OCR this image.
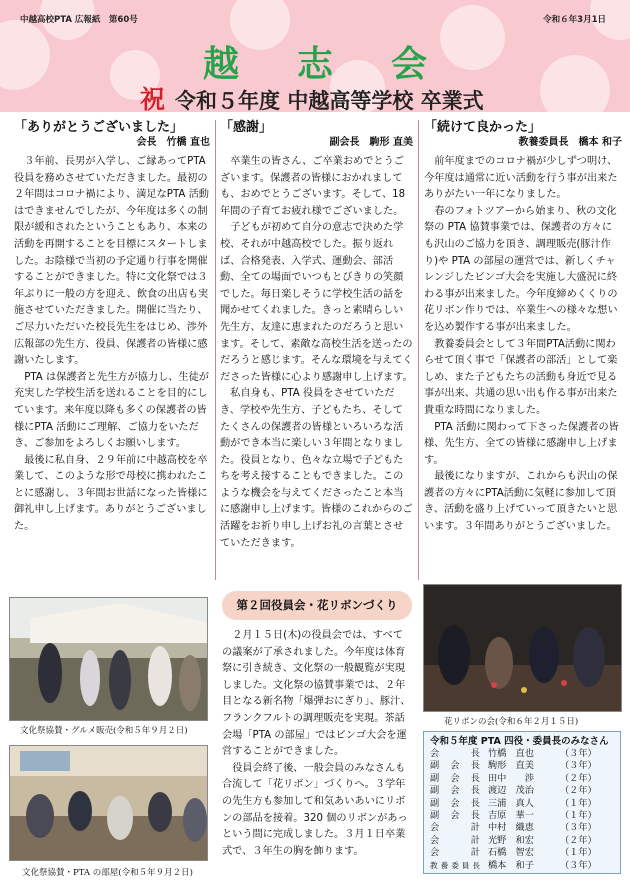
中越高校PTA 広報紙　第60号	令和６年3月1日
越志会
祝 令和５年度 中越高等学校 卒業式
「ありがとうございました」
会長　竹橋 直也

３年前、長男が入学し、ご縁あってPTA 役員を務めさせていただきました。最初の２年間はコロナ禍により、満足なPTA 活動はできませんでしたが、今年度は多くの制限が緩和されたということもあり、本来の活動を再開することを目標にスタートしました。お陰様で当初の予定通り行事を開催することができました。特に文化祭では３年ぶりに一般の方を迎え、飲食の出店も実施させていただきました。開催に当たり、ご尽力いただいた校長先生をはじめ、渉外広報部の先生方、役員、保護者の皆様に感謝いたします。

PTA は保護者と先生方が協力し、生徒が充実した学校生活を送れることを目的にしています。来年度以降も多くの保護者の皆様にPTA 活動にご理解、ご協力をいただき、ご参加をよろしくお願いします。

最後に私自身、２９年前に中越高校を卒業して、このような形で母校に携われたことに感謝し、３年間お世話になった皆様に御礼申し上げます。ありがとうございました。

文化祭協賛・グルメ販売(令和５年９月２日)
文化祭協賛・PTA の部屋(令和５年９月２日)
「感謝」
副会長　駒形 直美

卒業生の皆さん、ご卒業おめでとうございます。保護者の皆様におかれましても、おめでとうございます。そして、18年間の子育てお疲れ様でございました。

子どもが初めて自分の意志で決めた学校、それが中越高校でした。振り返れば、合格発表、入学式、運動会、部活動、全ての場面でいつもとびきりの笑顔でした。毎日楽しそうに学校生活の話を聞かせてくれました。きっと素晴らしい先生方、友達に恵まれたのだろうと思います。そして、素敵な高校生活を送ったのだろうと感じます。そんな環境を与えてくださった皆様に心より感謝申し上げます。

私自身も、PTA 役員をさせていただき、学校や先生方、子どもたち、そしてたくさんの保護者の皆様といろいろな活動ができ本当に楽しい３年間となりました。役員となり、色々な立場で子どもたちを考え接することもできました。このような機会を与えてくださったこと本当に感謝申し上げます。皆様のこれからのご活躍をお祈り申し上げお礼の言葉とさせていただきます。

第２回役員会・花リボンづくり

２月１５日(木)の役員会では、すべての議案が了承されました。今年度は体育祭に引き続き、文化祭の一般観覧が実現しました。文化祭の協賛事業では、２年目となる新名物「爆弾おにぎり」、豚汁、フランクフルトの調理販売を実現。茶話会場「PTA の部屋」ではビンゴ大会を運営することができました。

役員会終了後、一般会員のみなさんも合流して「花リボン」づくりへ。３学年の先生方も参加して和気あいあいにリボンの部品を接着。320 個のリボンがあっという間に完成しました。３月１日卒業式で、３年生の胸を飾ります。

「続けて良かった」
教養委員長　橋本 和子

前年度までのコロナ禍が少しずつ明け、今年度は通常に近い活動を行う事が出来たありがたい一年になりました。

春のフォトツアーから始まり、秋の文化祭の PTA 協賛事業では、保護者の方々にも沢山のご協力を頂き、調理販売(豚汁作り)や PTA の部屋の運営では、新しくチャレンジしたビンゴ大会を実施し大盛況に終わる事が出来ました。今年度締めくくりの花リボン作りでは、卒業生への様々な想いを込め製作する事が出来ました。

教養委員会として３年間PTA活動に関わらせて頂く事で「保護者の部活」として楽しめ、また子どもたちの活動も身近で見る事が出来、共通の思い出も作る事が出来た貴重な時間になりました。

PTA 活動に関わって下さった保護者の皆様、先生方、全ての皆様に感謝申し上げます。

最後になりますが、これからも沢山の保護者の方々にPTA活動に気軽に参加して頂き、活動を盛り上げていって頂きたいと思います。３年間ありがとうございました。

花リボンの会(令和６年２月１５日)
令和５年度 PTA 四役・委員長のみなさん
会　長 竹橋　直也	（３年）
副会長 駒形　直美	（３年）
副会長 田中　　渉	（２年）
副会長 渡辺　茂治	（２年）
副会長 三浦　真人	（１年）
副会長 吉原　華一	（１年）
会　計 中村　織恵	（３年）
会　計 光野　和宏	（２年）
会　計 石橋　智宏	（１年）
教養委員長 橋本　和子	（３年）
